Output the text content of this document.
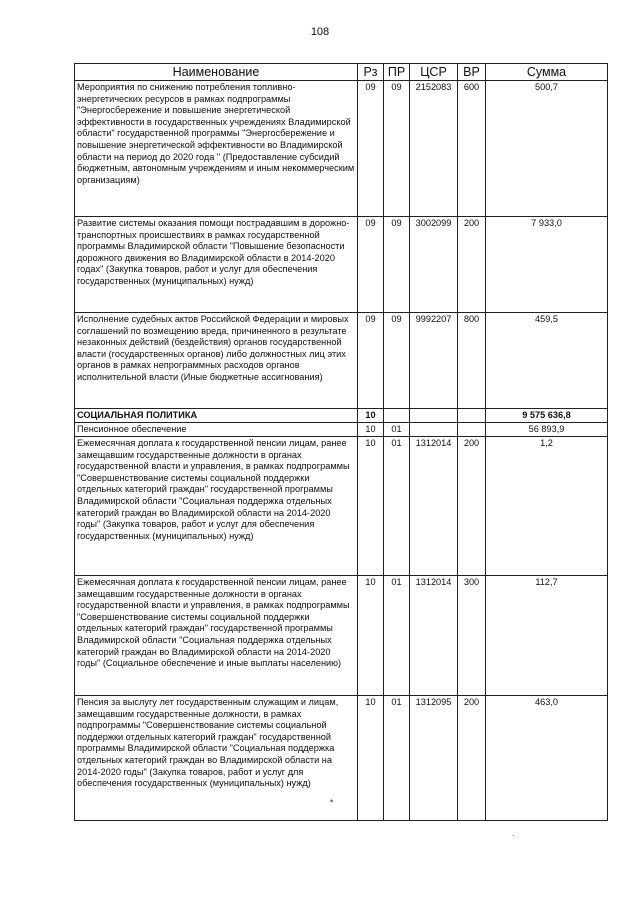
108
Наименование	Рз	ПР	ЦСР	ВР	Сумма
Мероприятия по снижению потребления топливно-энергетических ресурсов в рамках подпрограммы "Энергосбережение и повышение энергетической эффективности в государственных учреждениях Владимирской области" государственной программы "Энергосбережение и повышение энергетической эффективности во Владимирской области на период до 2020 года " (Предоставление субсидий бюджетным, автономным учреждениям и иным некоммерческим организациям)	09	09	2152083	600	500,7
Развитие системы оказания помощи пострадавшим в дорожно-транспортных происшествиях в рамках государственной программы Владимирской области "Повышение безопасности дорожного движения во Владимирской области в 2014-2020 годах" (Закупка товаров, работ и услуг для обеспечения государственных (муниципальных) нужд)	09	09	3002099	200	7 933,0
Исполнение судебных актов Российской Федерации и мировых соглашений по возмещению вреда, причиненного в результате незаконных действий (бездействия) органов государственной власти (государственных органов) либо должностных лиц этих органов в рамках непрограммных расходов органов исполнительной власти (Иные бюджетные ассигнования)	09	09	9992207	800	459,5
СОЦИАЛЬНАЯ ПОЛИТИКА	10				9 575 636,8
Пенсионное обеспечение	10	01			56 893,9
Ежемесячная доплата к государственной пенсии лицам, ранее замещавшим государственные должности в органах государственной власти и управления, в рамках подпрограммы "Совершенствование системы социальной поддержки отдельных категорий граждан" государственной программы Владимирской области "Социальная поддержка отдельных категорий граждан во Владимирской области на 2014-2020 годы" (Закупка товаров, работ и услуг для обеспечения государственных (муниципальных) нужд)	10	01	1312014	200	1,2
Ежемесячная доплата к государственной пенсии лицам, ранее замещавшим государственные должности в органах государственной власти и управления, в рамках подпрограммы "Совершенствование системы социальной поддержки отдельных категорий граждан" государственной программы Владимирской области "Социальная поддержка отдельных категорий граждан во Владимирской области на 2014-2020 годы" (Социальное обеспечение и иные выплаты населению)	10	01	1312014	300	112,7
Пенсия за выслугу лет государственным служащим и лицам, замещавшим государственные должности, в рамках подпрограммы "Совершенствование системы социальной поддержки отдельных категорий граждан" государственной программы Владимирской области "Социальная поддержка отдельных категорий граждан во Владимирской области на 2014-2020 годы" (Закупка товаров, работ и услуг для обеспечения государственных (муниципальных) нужд)	10	01	1312095	200	463,0
•
.
